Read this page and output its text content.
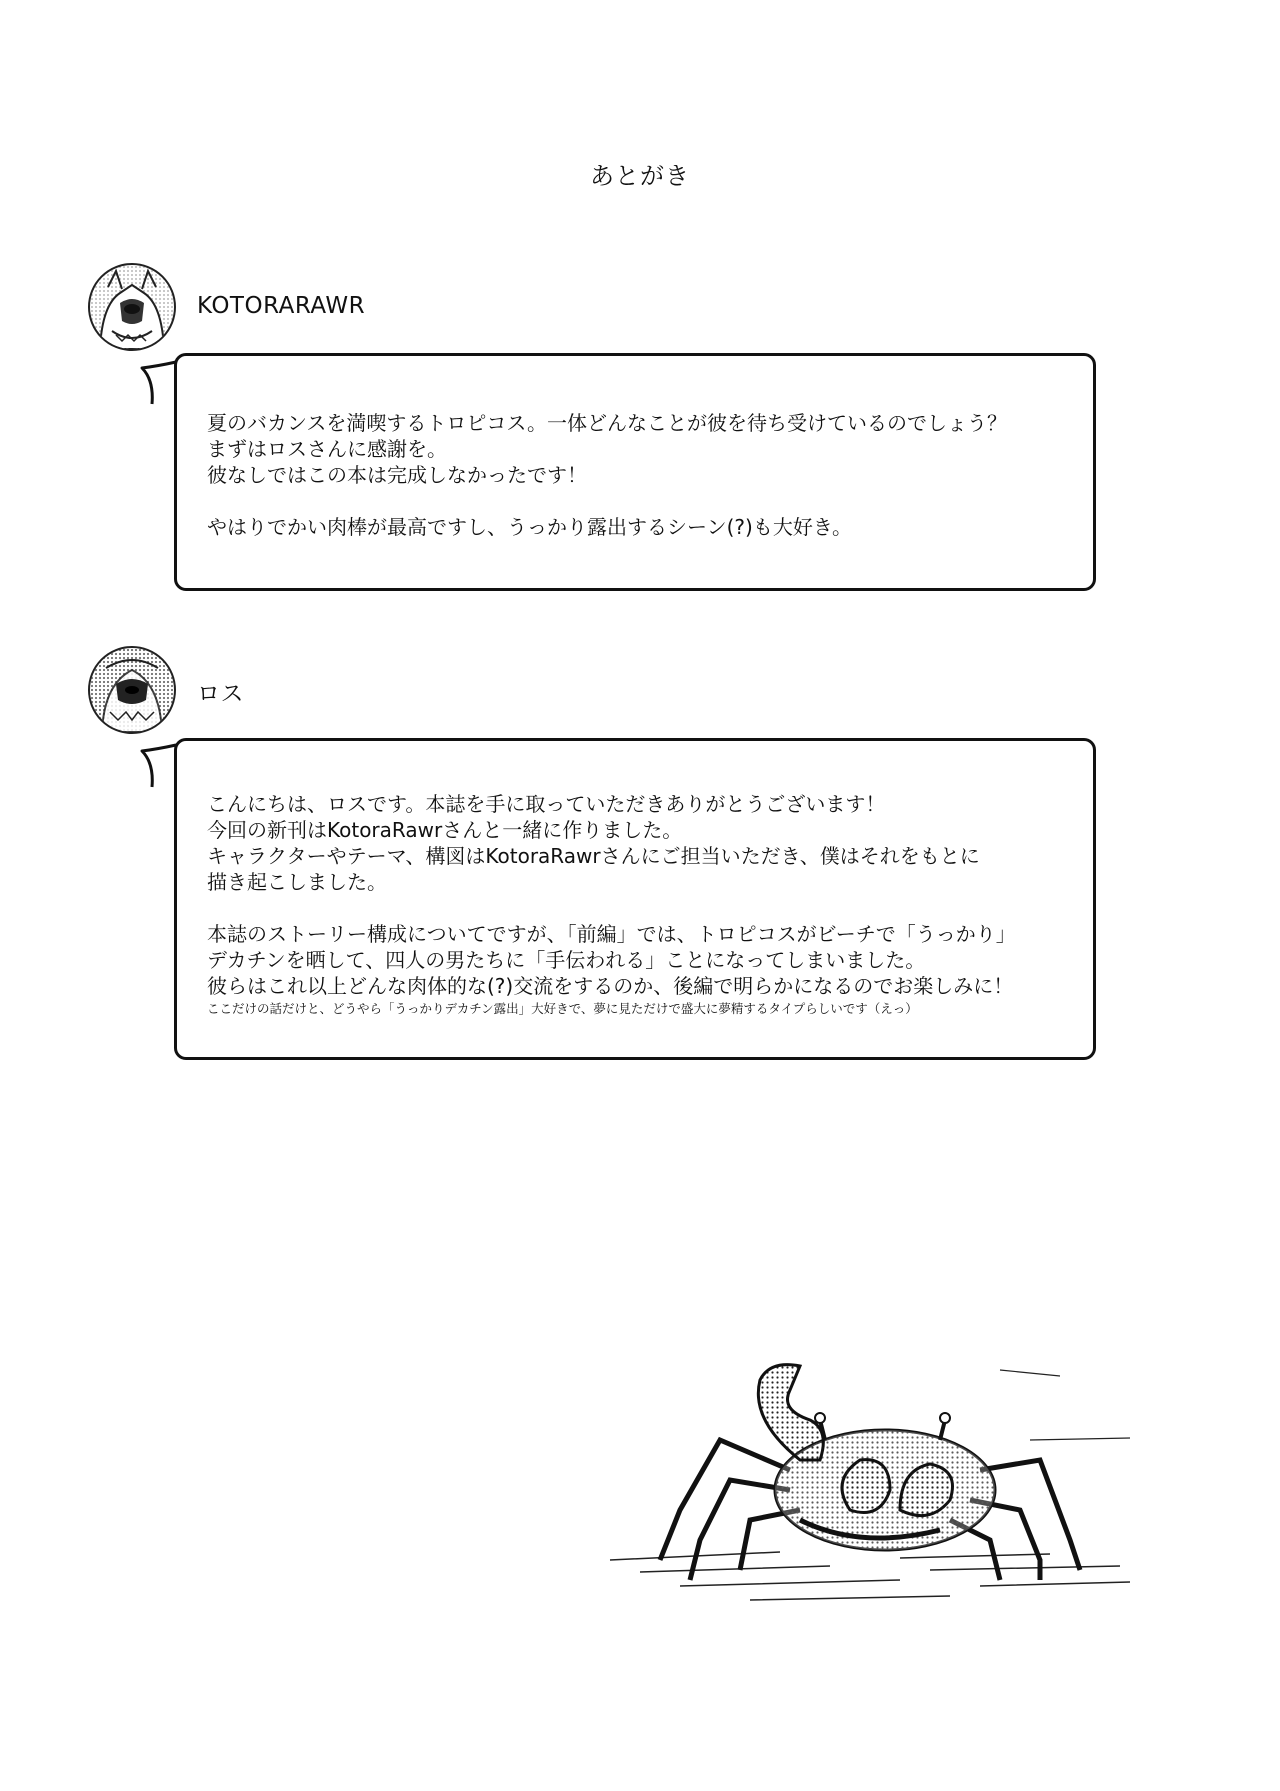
あとがき
KOTORARAWR

夏のバカンスを満喫するトロピコス。一体どんなことが彼を待ち受けているのでしょう？

まずはロスさんに感謝を。

彼なしではこの本は完成しなかったです！

やはりでかい肉棒が最高ですし、うっかり露出するシーン(?)も大好き。

ロス

こんにちは、ロスです。本誌を手に取っていただきありがとうございます！

今回の新刊はKotoraRawrさんと一緒に作りました。

キャラクターやテーマ、構図はKotoraRawrさんにご担当いただき、僕はそれをもとに

描き起こしました。

本誌のストーリー構成についてですが、「前編」では、トロピコスがビーチで「うっかり」

デカチンを晒して、四人の男たちに「手伝われる」ことになってしまいました。

彼らはこれ以上どんな肉体的な(?)交流をするのか、後編で明らかになるのでお楽しみに！

ここだけの話だけと、どうやら「うっかりデカチン露出」大好きで、夢に見ただけで盛大に夢精するタイプらしいです（えっ）
